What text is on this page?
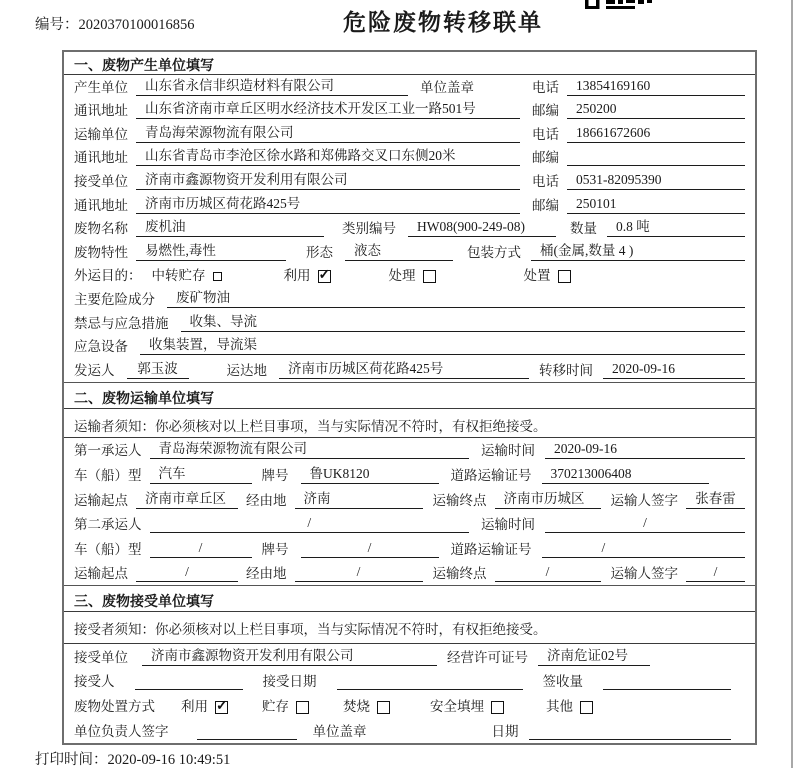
编号：2020370100016856	危险废物转移联单
一、废物产生单位填写
产生单位	山东省永信非织造材料有限公司	单位盖章	电话	13854169160
通讯地址	山东省济南市章丘区明水经济技术开发区工业一路501号	邮编	250200
运输单位	青岛海荣源物流有限公司	电话	18661672606
通讯地址	山东省青岛市李沧区徐水路和郑佛路交叉口东侧20米	邮编
接受单位	济南市鑫源物资开发利用有限公司	电话	0531-82095390
通讯地址	济南市历城区荷花路425号	邮编	250101
废物名称	废机油	类别编号	HW08(900-249-08)	数量	0.8 吨
废物特性	易燃性,毒性	形态	液态	包装方式	桶(金属,数量 4 )
外运目的： 中转贮存	利用 ✓	处理	处置
主要危险成分	废矿物油
禁忌与应急措施	收集、导流
应急设备	收集装置，导流渠
发运人	郭玉波	运达地	济南市历城区荷花路425号	转移时间	2020-09-16
二、废物运输单位填写
运输者须知：你必须核对以上栏目事项，当与实际情况不符时，有权拒绝接受。
第一承运人	青岛海荣源物流有限公司	运输时间	2020-09-16
车（船）型	汽车	牌号	鲁UK8120	道路运输证号	370213006408
运输起点	济南市章丘区	经由地	济南	运输终点	济南市历城区	运输人签字	张春雷
第二承运人	/	运输时间	/
车（船）型	/	牌号	/	道路运输证号	/
运输起点	/	经由地	/	运输终点	/	运输人签字	/
三、废物接受单位填写
接受者须知：你必须核对以上栏目事项，当与实际情况不符时，有权拒绝接受。
接受单位	济南市鑫源物资开发利用有限公司	经营许可证号	济南危证02号
接受人	接受日期	签收量
废物处置方式 利用 ✓	贮存	焚烧	安全填埋	其他
单位负责人签字	单位盖章	日期
打印时间：2020-09-16 10:49:51
